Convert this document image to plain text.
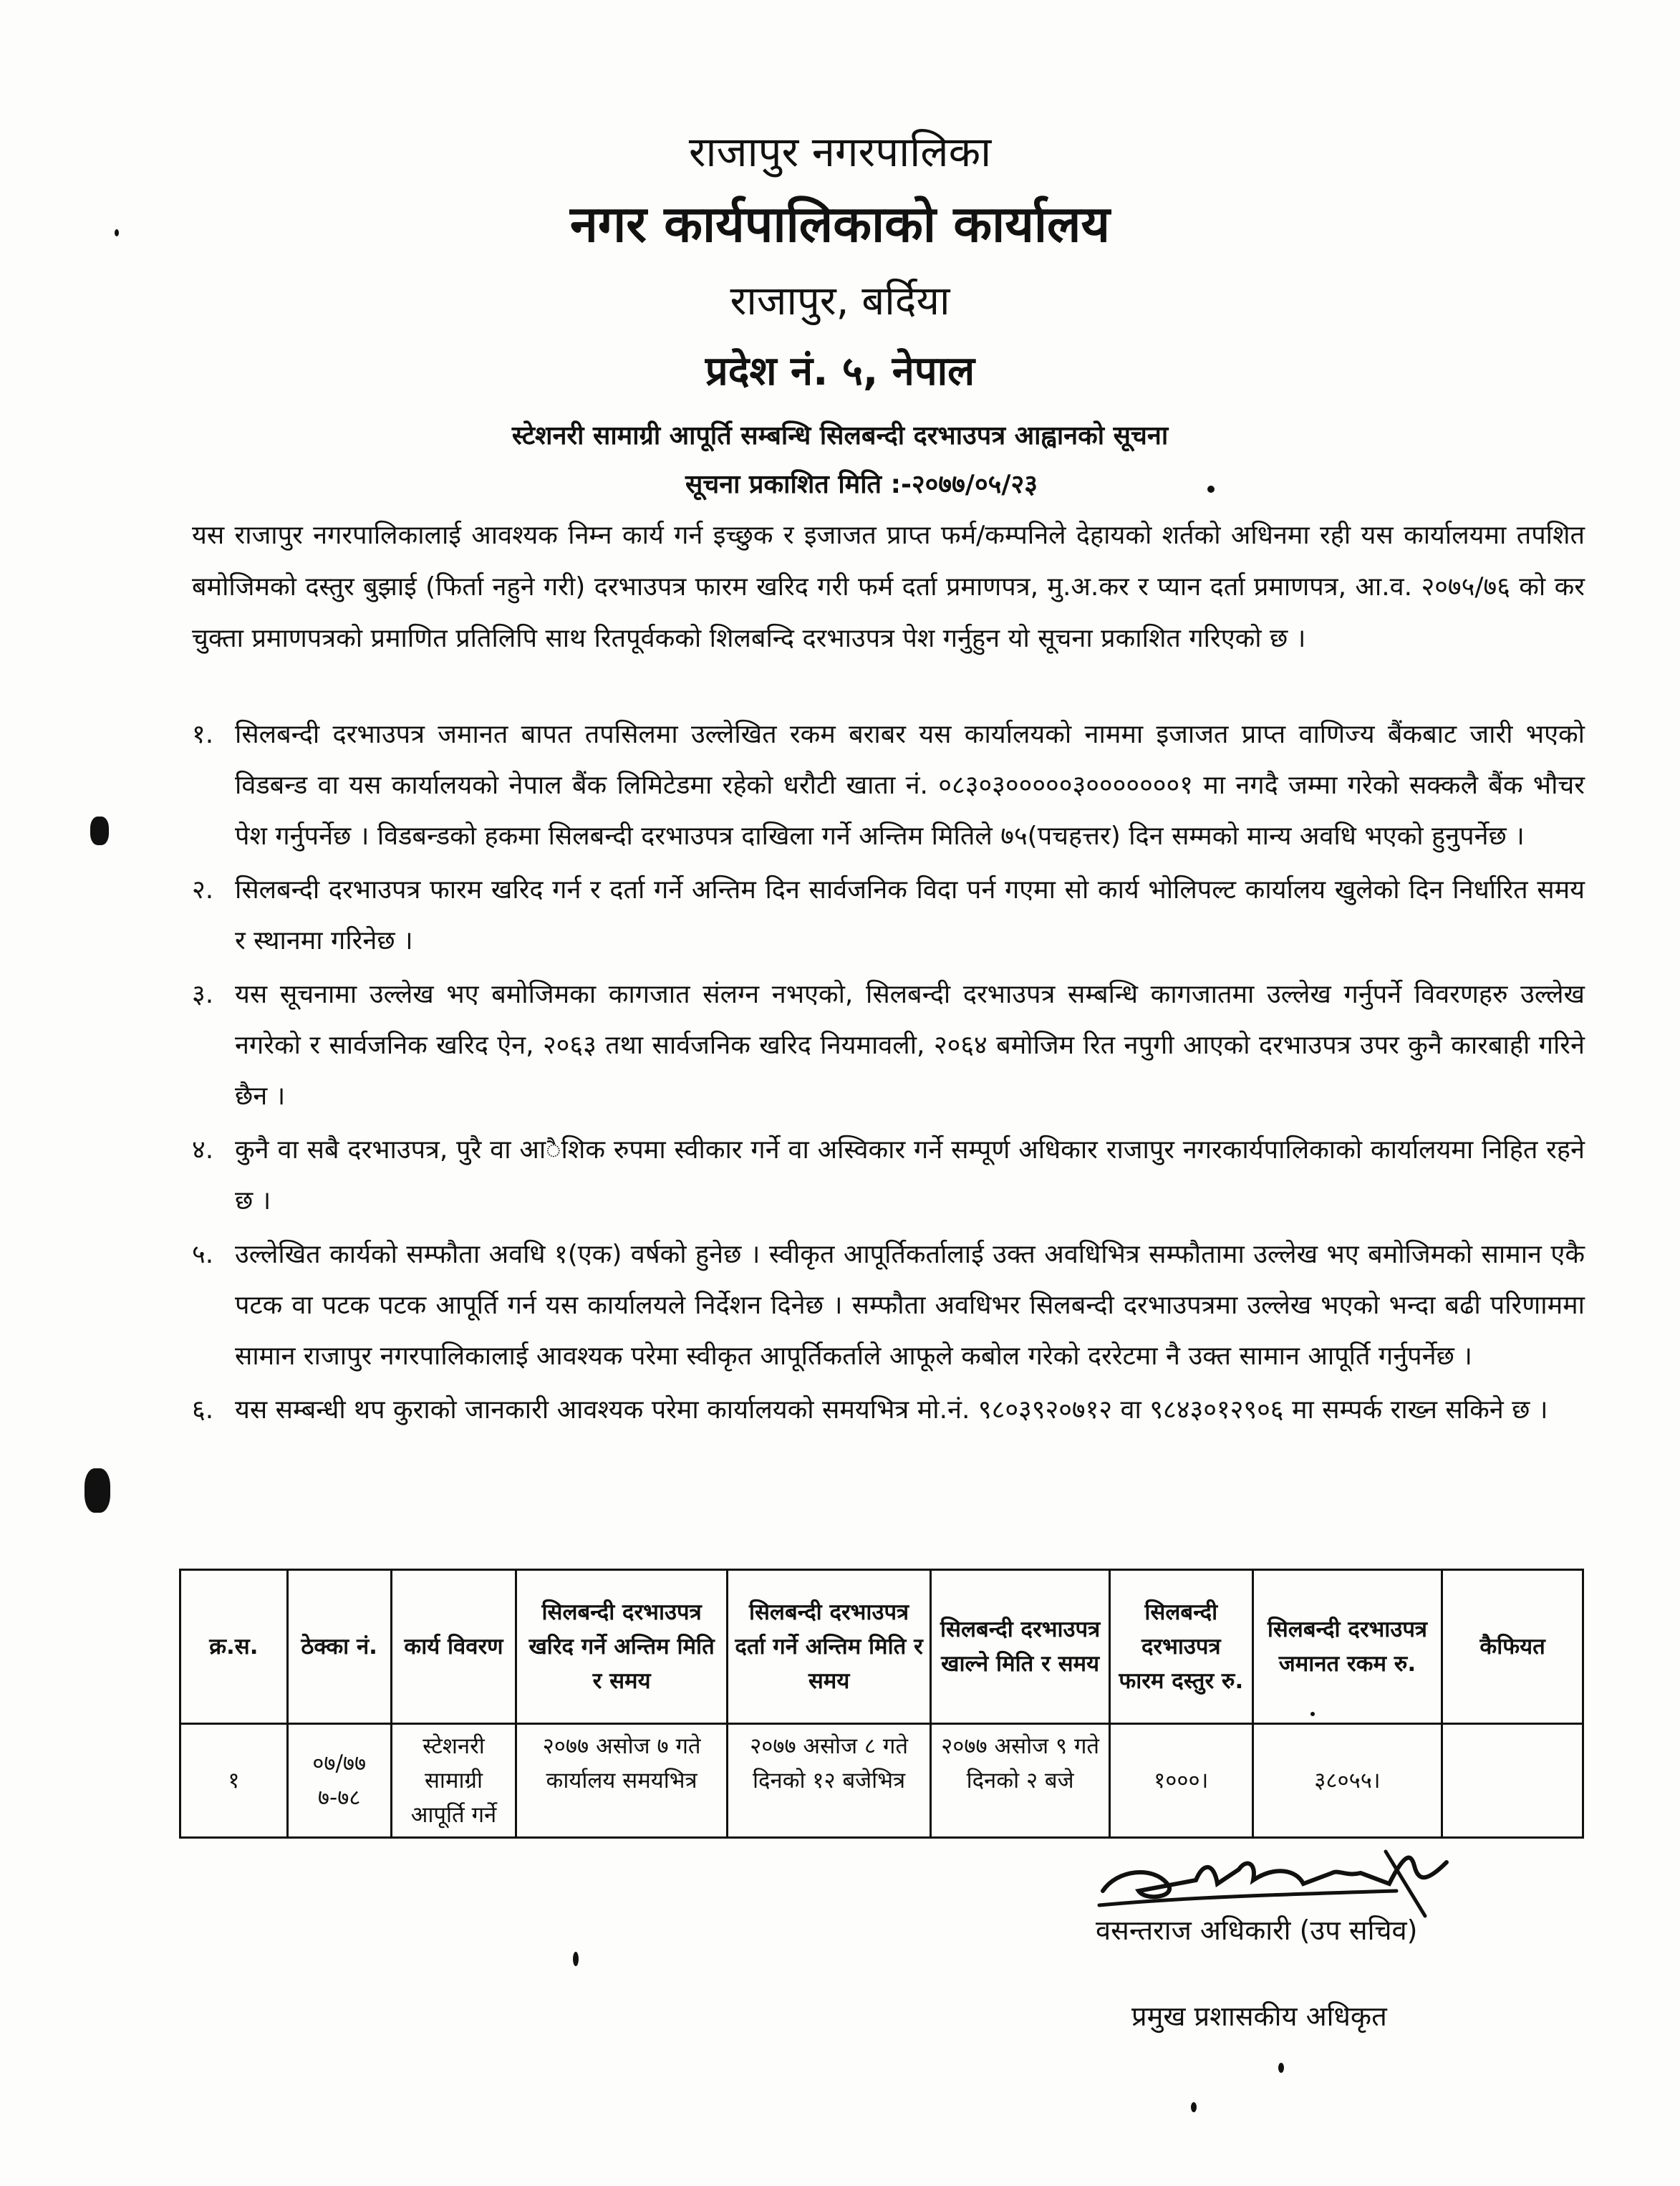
राजापुर नगरपालिका
नगर कार्यपालिकाको कार्यालय
राजापुर, बर्दिया
प्रदेश नं. ५, नेपाल
स्टेशनरी सामाग्री आपूर्ति सम्बन्धि सिलबन्दी दरभाउपत्र आह्वानको सूचना
सूचना प्रकाशित मिति :-२०७७/०५/२३
यस राजापुर नगरपालिकालाई आवश्यक निम्न कार्य गर्न इच्छुक र इजाजत प्राप्त फर्म/कम्पनिले देहायको शर्तको अधिनमा रही यस कार्यालयमा तपशित बमोजिमको दस्तुर बुझाई (फिर्ता नहुने गरी) दरभाउपत्र फारम खरिद गरी फर्म दर्ता प्रमाणपत्र, मु.अ.कर र प्यान दर्ता प्रमाणपत्र, आ.व. २०७५/७६ को कर चुक्ता प्रमाणपत्रको प्रमाणित प्रतिलिपि साथ रितपूर्वकको शिलबन्दि दरभाउपत्र पेश गर्नुहुन यो सूचना प्रकाशित गरिएको छ ।
१. सिलबन्दी दरभाउपत्र जमानत बापत तपसिलमा उल्लेखित रकम बराबर यस कार्यालयको नाममा इजाजत प्राप्त वाणिज्य बैंकबाट जारी भएको विडबन्ड वा यस कार्यालयको नेपाल बैंक लिमिटेडमा रहेको धरौटी खाता नं. ०८३०३०००००३०००००००१ मा नगदै जम्मा गरेको सक्कलै बैंक भौचर पेश गर्नुपर्नेछ । विडबन्डको हकमा सिलबन्दी दरभाउपत्र दाखिला गर्ने अन्तिम मितिले ७५(पचहत्तर) दिन सम्मको मान्य अवधि भएको हुनुपर्नेछ ।
२. सिलबन्दी दरभाउपत्र फारम खरिद गर्न र दर्ता गर्ने अन्तिम दिन सार्वजनिक विदा पर्न गएमा सो कार्य भोलिपल्ट कार्यालय खुलेको दिन निर्धारित समय र स्थानमा गरिनेछ ।
३. यस सूचनामा उल्लेख भए बमोजिमका कागजात संलग्न नभएको, सिलबन्दी दरभाउपत्र सम्बन्धि कागजातमा उल्लेख गर्नुपर्ने विवरणहरु उल्लेख नगरेको र सार्वजनिक खरिद ऐन, २०६३ तथा सार्वजनिक खरिद नियमावली, २०६४ बमोजिम रित नपुगी आएको दरभाउपत्र उपर कुनै कारबाही गरिने छैन ।
४. कुनै वा सबै दरभाउपत्र, पुरै वा आैशिक रुपमा स्वीकार गर्ने वा अस्विकार गर्ने सम्पूर्ण अधिकार राजापुर नगरकार्यपालिकाको कार्यालयमा निहित रहने छ ।
५. उल्लेखित कार्यको सम्फौता अवधि १(एक) वर्षको हुनेछ । स्वीकृत आपूर्तिकर्तालाई उक्त अवधिभित्र सम्फौतामा उल्लेख भए बमोजिमको सामान एकै पटक वा पटक पटक आपूर्ति गर्न यस कार्यालयले निर्देशन दिनेछ । सम्फौता अवधिभर सिलबन्दी दरभाउपत्रमा उल्लेख भएको भन्दा बढी परिणाममा सामान राजापुर नगरपालिकालाई आवश्यक परेमा स्वीकृत आपूर्तिकर्ताले आफूले कबोल गरेको दररेटमा नै उक्त सामान आपूर्ति गर्नुपर्नेछ ।
६. यस सम्बन्धी थप कुराको जानकारी आवश्यक परेमा कार्यालयको समयभित्र मो.नं. ९८०३९२०७१२ वा ९८४३०१२९०६ मा सम्पर्क राख्न सकिने छ ।
क्र.स.	ठेक्का नं.	कार्य विवरण	सिलबन्दी दरभाउपत्र खरिद गर्ने अन्तिम मिति र समय	सिलबन्दी दरभाउपत्र दर्ता गर्ने अन्तिम मिति र समय	सिलबन्दी दरभाउपत्र खाल्ने मिति र समय	सिलबन्दी दरभाउपत्र फारम दस्तुर रु.	सिलबन्दी दरभाउपत्र जमानत रकम रु.	कैफियत
१	०७/७७ ७-७८	स्टेशनरी सामाग्री आपूर्ति गर्ने	२०७७ असोज ७ गते कार्यालय समयभित्र	२०७७ असोज ८ गते दिनको १२ बजेभित्र	२०७७ असोज ९ गते दिनको २ बजे	१०००।	३८०५५।	
वसन्तराज अधिकारी (उप सचिव)
प्रमुख प्रशासकीय अधिकृत
